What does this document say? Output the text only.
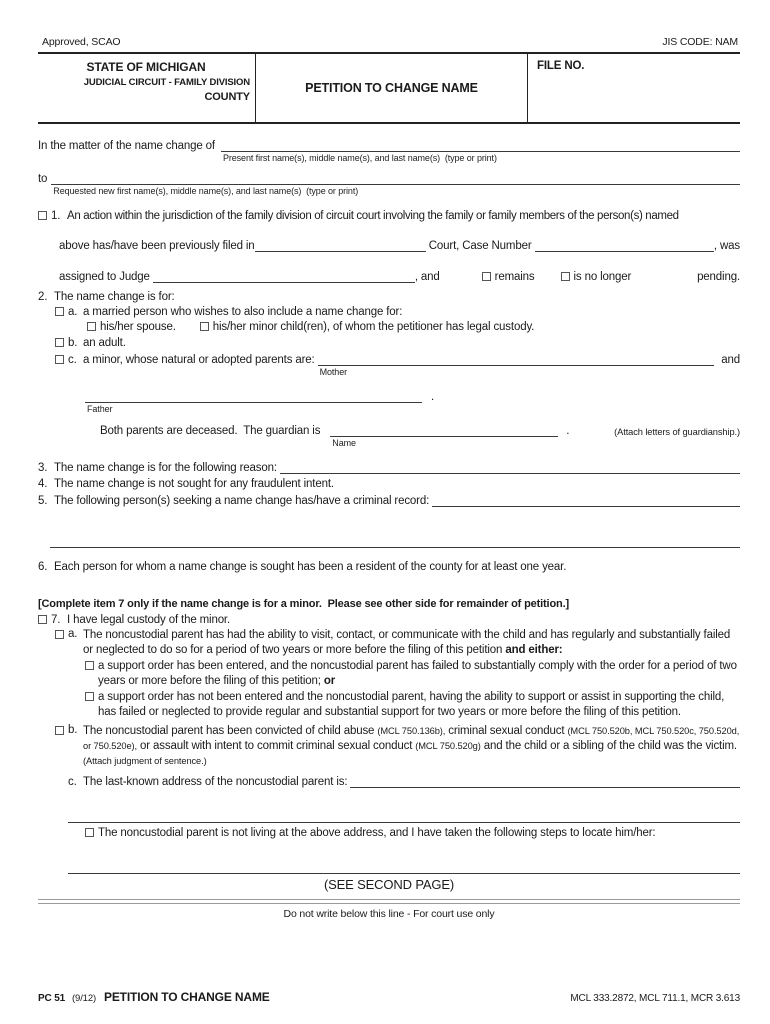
Approved, SCAO	JIS CODE: NAM
STATE OF MICHIGAN
JUDICIAL CIRCUIT - FAMILY DIVISION
COUNTY
PETITION TO CHANGE NAME
FILE NO.
In the matter of the name change of
Present first name(s), middle name(s), and last name(s)  (type or print)
to
Requested new first name(s), middle name(s), and last name(s)  (type or print)
1. An action within the jurisdiction of the family division of circuit court involving the family or family members of the person(s) named
above has/have been previously filed in	Court, Case Number	, was
assigned to Judge	, and	remains	is no longer	pending.
2. The name change is for:
a. a married person who wishes to also include a name change for:
his/her spouse.	his/her minor child(ren), of whom the petitioner has legal custody.
b. an adult.
c. a minor, whose natural or adopted parents are:
Mother
and
Father
.
Both parents are deceased.  The guardian is
Name
.	(Attach letters of guardianship.)
3. The name change is for the following reason:
4. The name change is not sought for any fraudulent intent.
5. The following person(s) seeking a name change has/have a criminal record:
6. Each person for whom a name change is sought has been a resident of the county for at least one year.
[Complete item 7 only if the name change is for a minor.  Please see other side for remainder of petition.]
7. I have legal custody of the minor.
a. The noncustodial parent has had the ability to visit, contact, or communicate with the child and has regularly and substantially failed or neglected to do so for a period of two years or more before the filing of this petition and either:
a support order has been entered, and the noncustodial parent has failed to substantially comply with the order for a period of two years or more before the filing of this petition; or
a support order has not been entered and the noncustodial parent, having the ability to support or assist in supporting the child, has failed or neglected to provide regular and substantial support for two years or more before the filing of this petition.
b. The noncustodial parent has been convicted of child abuse (MCL 750.136b), criminal sexual conduct (MCL 750.520b, MCL 750.520c, 750.520d, or 750.520e), or assault with intent to commit criminal sexual conduct (MCL 750.520g) and the child or a sibling of the child was the victim. (Attach judgment of sentence.)
c. The last-known address of the noncustodial parent is:
The noncustodial parent is not living at the above address, and I have taken the following steps to locate him/her:
(SEE SECOND PAGE)
Do not write below this line - For court use only
PC 51 (9/12) PETITION TO CHANGE NAME	MCL 333.2872, MCL 711.1, MCR 3.613
